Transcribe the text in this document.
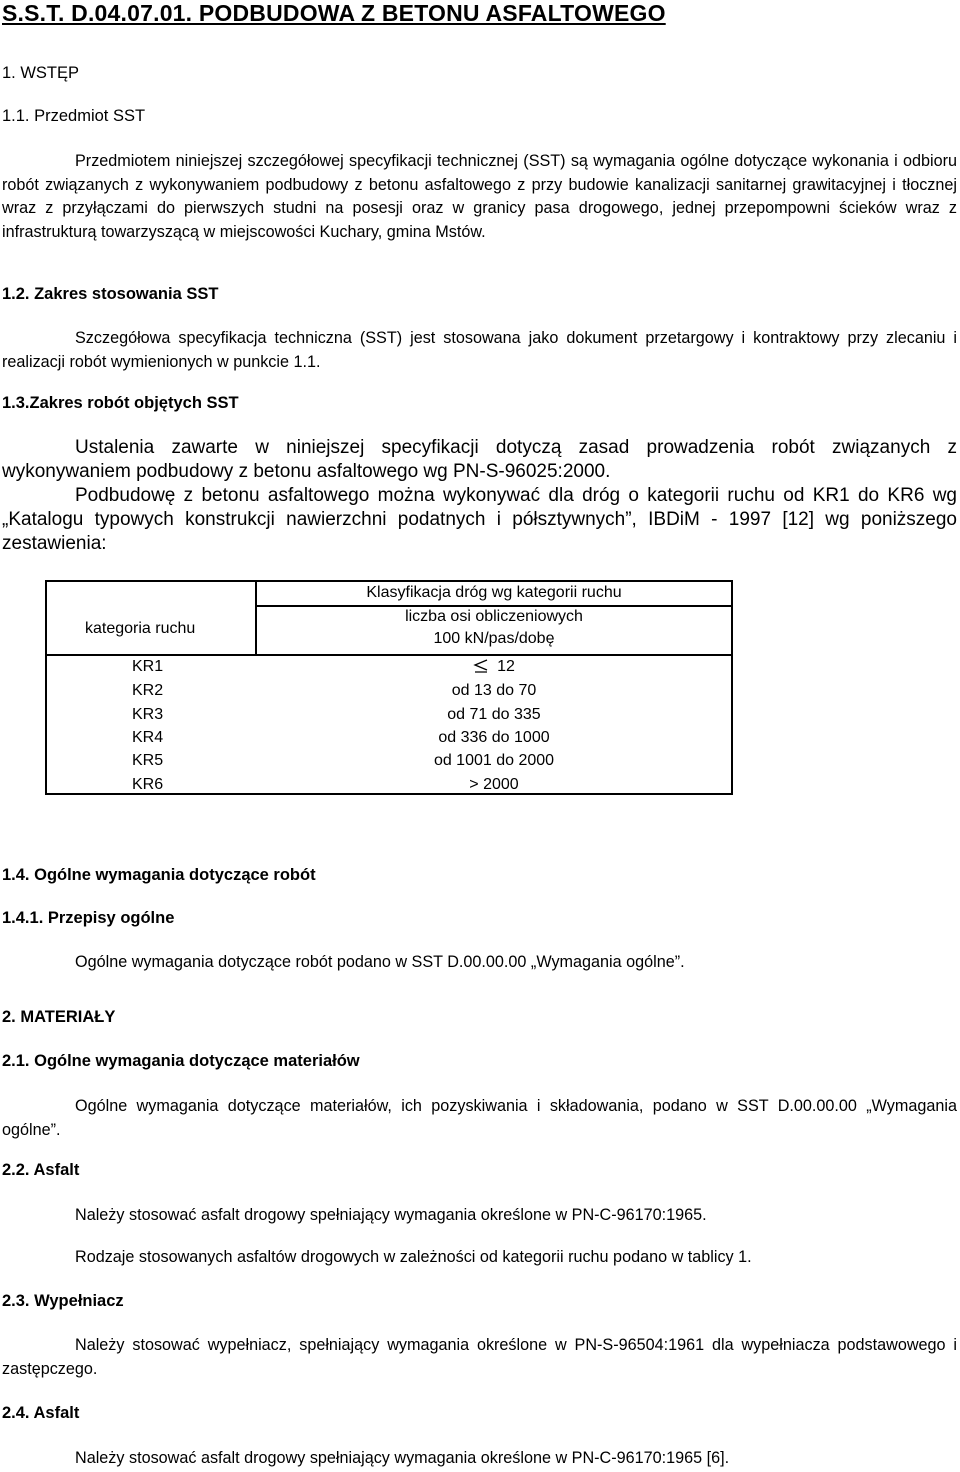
S.S.T. D.04.07.01. PODBUDOWA Z BETONU ASFALTOWEGO
1. WSTĘP
1.1. Przedmiot SST
Przedmiotem niniejszej szczegółowej specyfikacji technicznej (SST) są wymagania ogólne dotyczące wykonania i odbioru robót związanych z wykonywaniem podbudowy z betonu asfaltowego z przy budowie kanalizacji sanitarnej grawitacyjnej i tłocznej wraz z przyłączami do pierwszych studni na posesji oraz w granicy pasa drogowego, jednej przepompowni ścieków wraz z infrastrukturą towarzyszącą w miejscowości Kuchary, gmina Mstów.
1.2. Zakres stosowania SST
Szczegółowa specyfikacja techniczna (SST) jest stosowana jako dokument przetargowy i kontraktowy przy zlecaniu i realizacji robót wymienionych w punkcie 1.1.
1.3.Zakres robót objętych SST
Ustalenia zawarte w niniejszej specyfikacji dotyczą zasad prowadzenia robót związanych z wykonywaniem podbudowy z betonu asfaltowego wg PN-S-96025:2000.
Podbudowę z betonu asfaltowego można wykonywać dla dróg o kategorii ruchu od KR1 do KR6 wg „Katalogu typowych konstrukcji nawierzchni podatnych i półsztywnych”, IBDiM - 1997 [12] wg poniższego zestawienia:
Klasyfikacja dróg wg kategorii ruchu
kategoria ruchu
liczba osi obliczeniowych
100 kN/pas/dobę
KR1	12
KR2	od 13 do 70
KR3	od 71 do 335
KR4	od 336 do 1000
KR5	od 1001 do 2000
KR6	> 2000
1.4. Ogólne wymagania dotyczące robót
1.4.1. Przepisy ogólne
Ogólne wymagania dotyczące robót podano w SST D.00.00.00 „Wymagania ogólne”.
2. MATERIAŁY
2.1. Ogólne wymagania dotyczące materiałów
Ogólne wymagania dotyczące materiałów, ich pozyskiwania i składowania, podano w SST D.00.00.00 „Wymagania ogólne”.
2.2. Asfalt
Należy stosować asfalt drogowy spełniający wymagania określone w PN-C-96170:1965.
Rodzaje stosowanych asfaltów drogowych w zależności od kategorii ruchu podano w tablicy 1.
2.3. Wypełniacz
Należy stosować wypełniacz, spełniający wymagania określone w PN-S-96504:1961 dla wypełniacza podstawowego i zastępczego.
2.4. Asfalt
Należy stosować asfalt drogowy spełniający wymagania określone w PN-C-96170:1965 [6].
